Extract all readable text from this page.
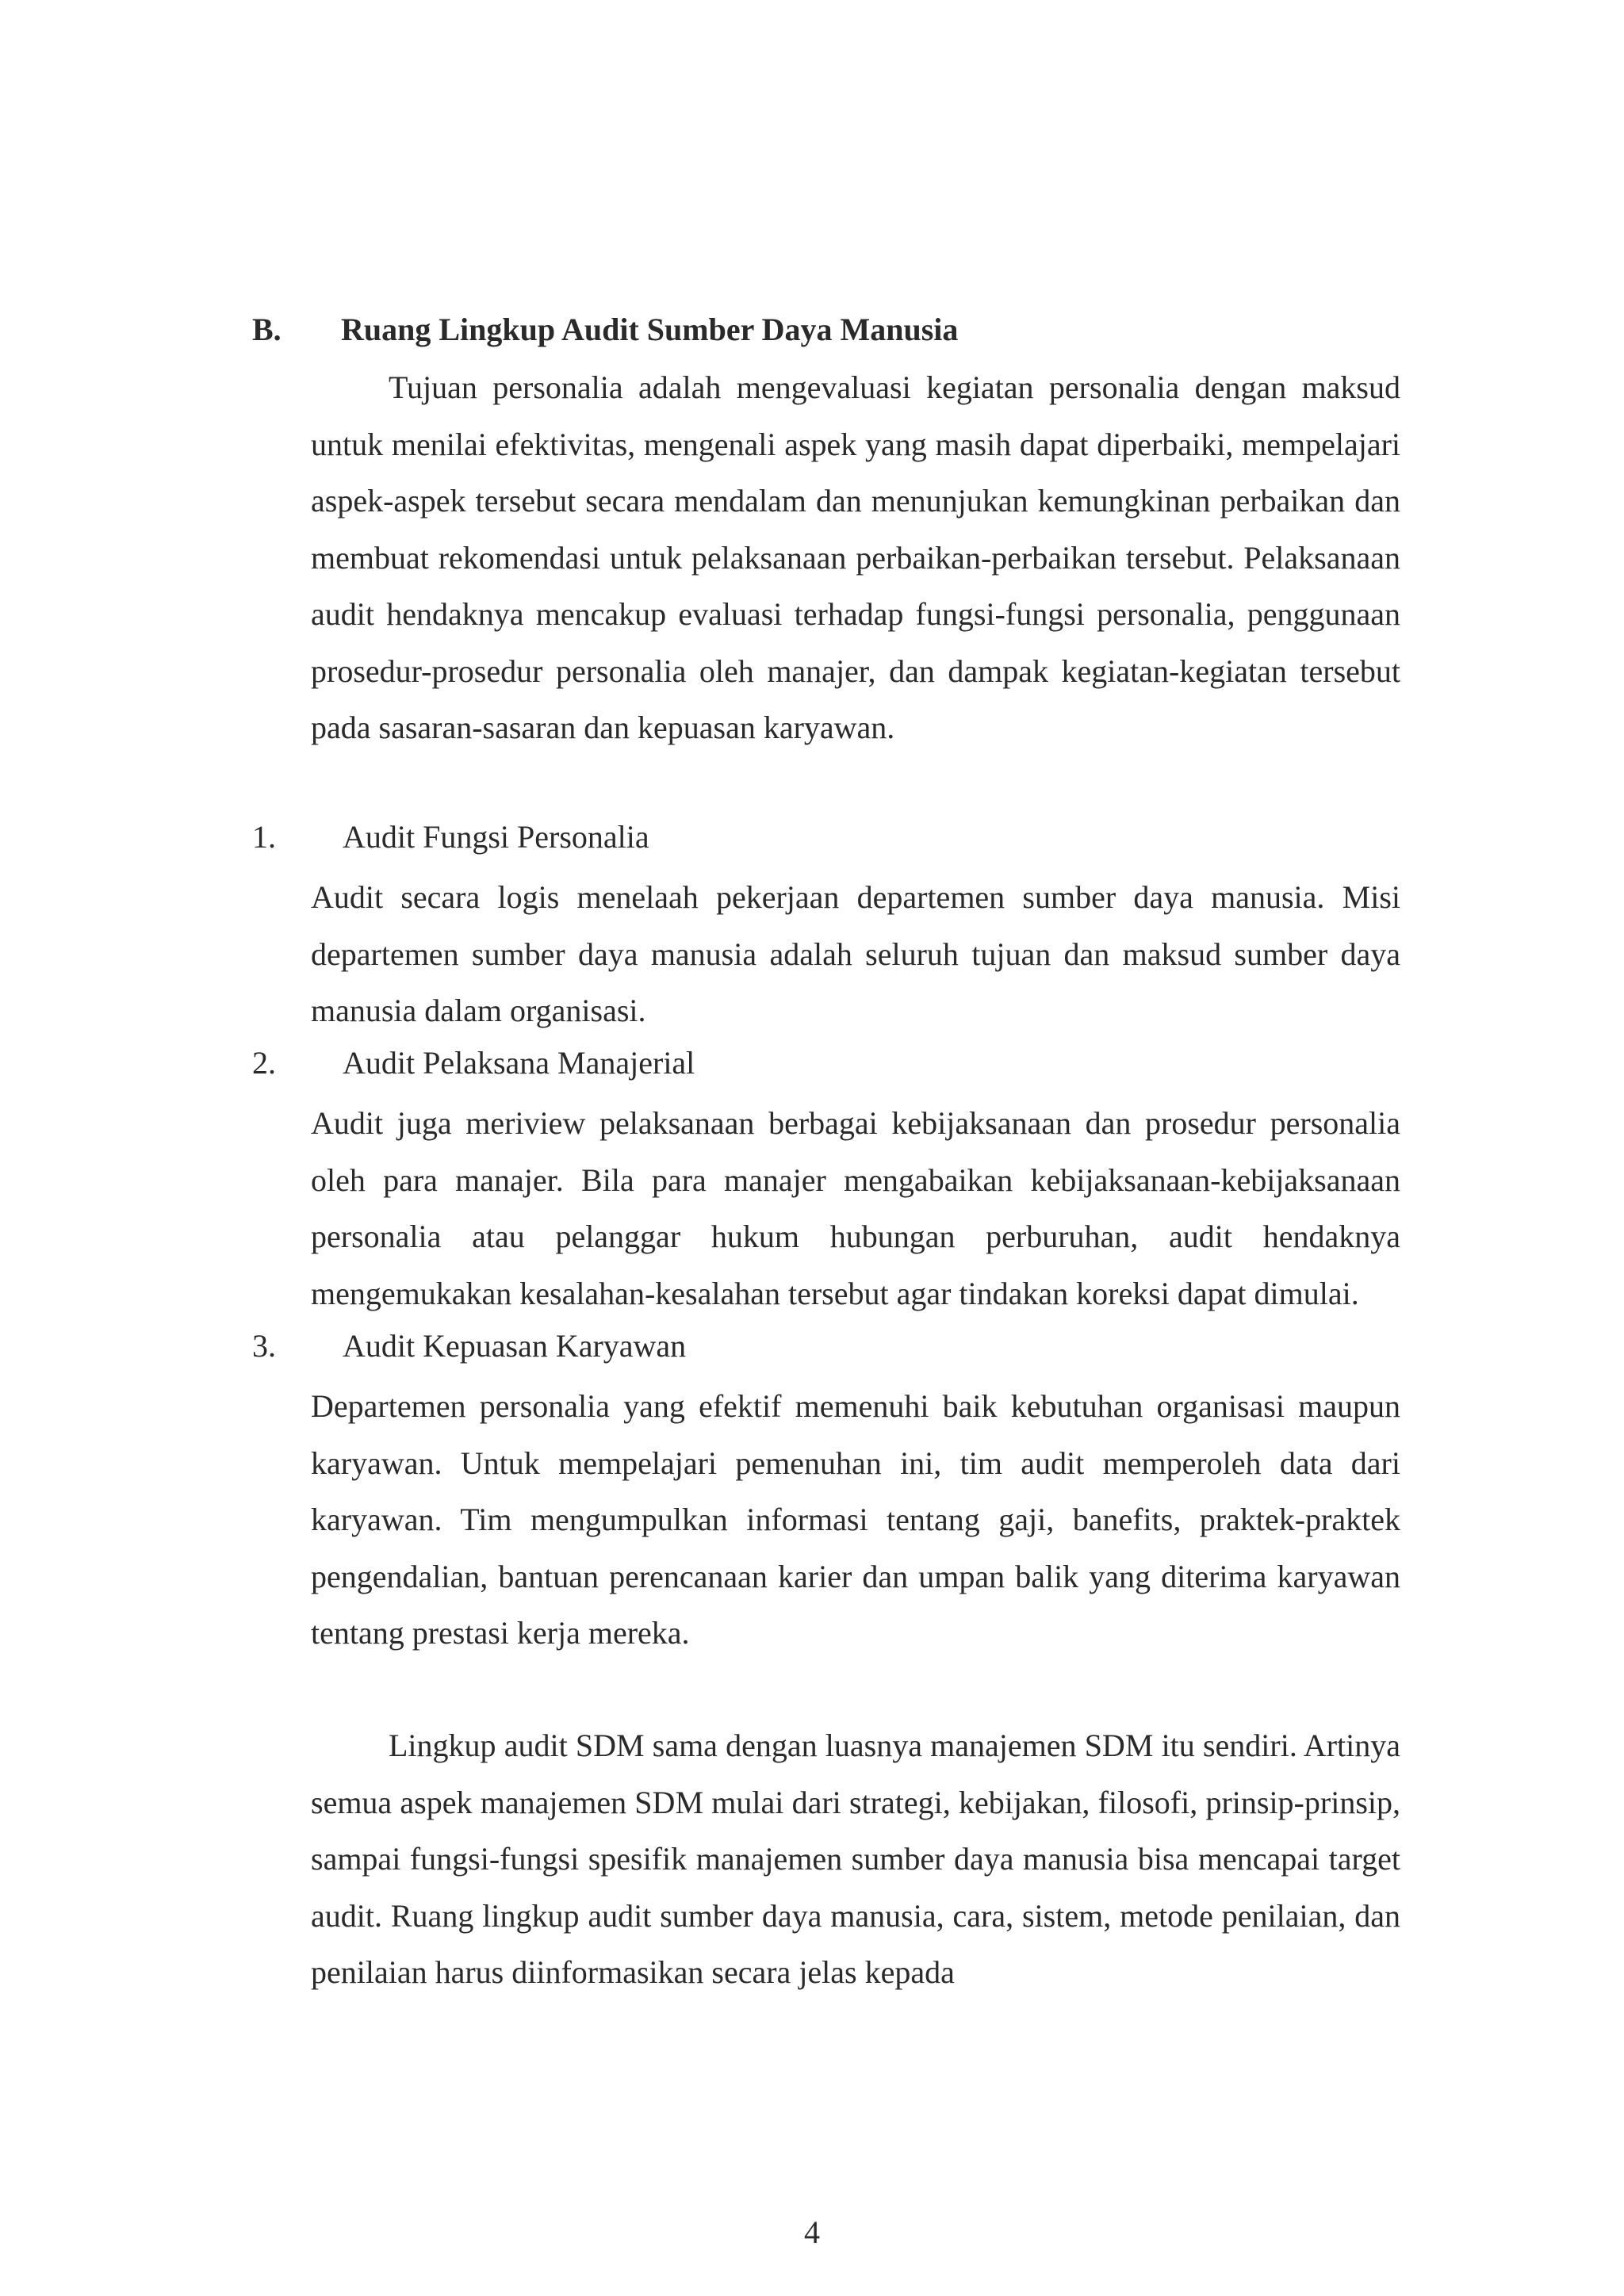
B. Ruang Lingkup Audit Sumber Daya Manusia

Tujuan personalia adalah mengevaluasi kegiatan personalia dengan maksud untuk menilai efektivitas, mengenali aspek yang masih dapat diperbaiki, mempelajari aspek-aspek tersebut secara mendalam dan menunjukan kemungkinan perbaikan dan membuat rekomendasi untuk pelaksanaan perbaikan-perbaikan tersebut. Pelaksanaan audit hendaknya mencakup evaluasi terhadap fungsi-fungsi personalia, penggunaan prosedur-prosedur personalia oleh manajer, dan dampak kegiatan-kegiatan tersebut pada sasaran-sasaran dan kepuasan karyawan.

1. Audit Fungsi Personalia

Audit secara logis menelaah pekerjaan departemen sumber daya manusia. Misi departemen sumber daya manusia adalah seluruh tujuan dan maksud sumber daya manusia dalam organisasi.

2. Audit Pelaksana Manajerial

Audit juga meriview pelaksanaan berbagai kebijaksanaan dan prosedur personalia oleh para manajer. Bila para manajer mengabaikan kebijaksanaan-kebijaksanaan personalia atau pelanggar hukum hubungan perburuhan, audit hendaknya mengemukakan kesalahan-kesalahan tersebut agar tindakan koreksi dapat dimulai.

3. Audit Kepuasan Karyawan

Departemen personalia yang efektif memenuhi baik kebutuhan organisasi maupun karyawan. Untuk mempelajari pemenuhan ini, tim audit memperoleh data dari karyawan. Tim mengumpulkan informasi tentang gaji, banefits, praktek-praktek pengendalian, bantuan perencanaan karier dan umpan balik yang diterima karyawan tentang prestasi kerja mereka.

Lingkup audit SDM sama dengan luasnya manajemen SDM itu sendiri. Artinya semua aspek manajemen SDM mulai dari strategi, kebijakan, filosofi, prinsip-prinsip, sampai fungsi-fungsi spesifik manajemen sumber daya manusia bisa mencapai target audit. Ruang lingkup audit sumber daya manusia, cara, sistem, metode penilaian, dan penilaian harus diinformasikan secara jelas kepada

4
